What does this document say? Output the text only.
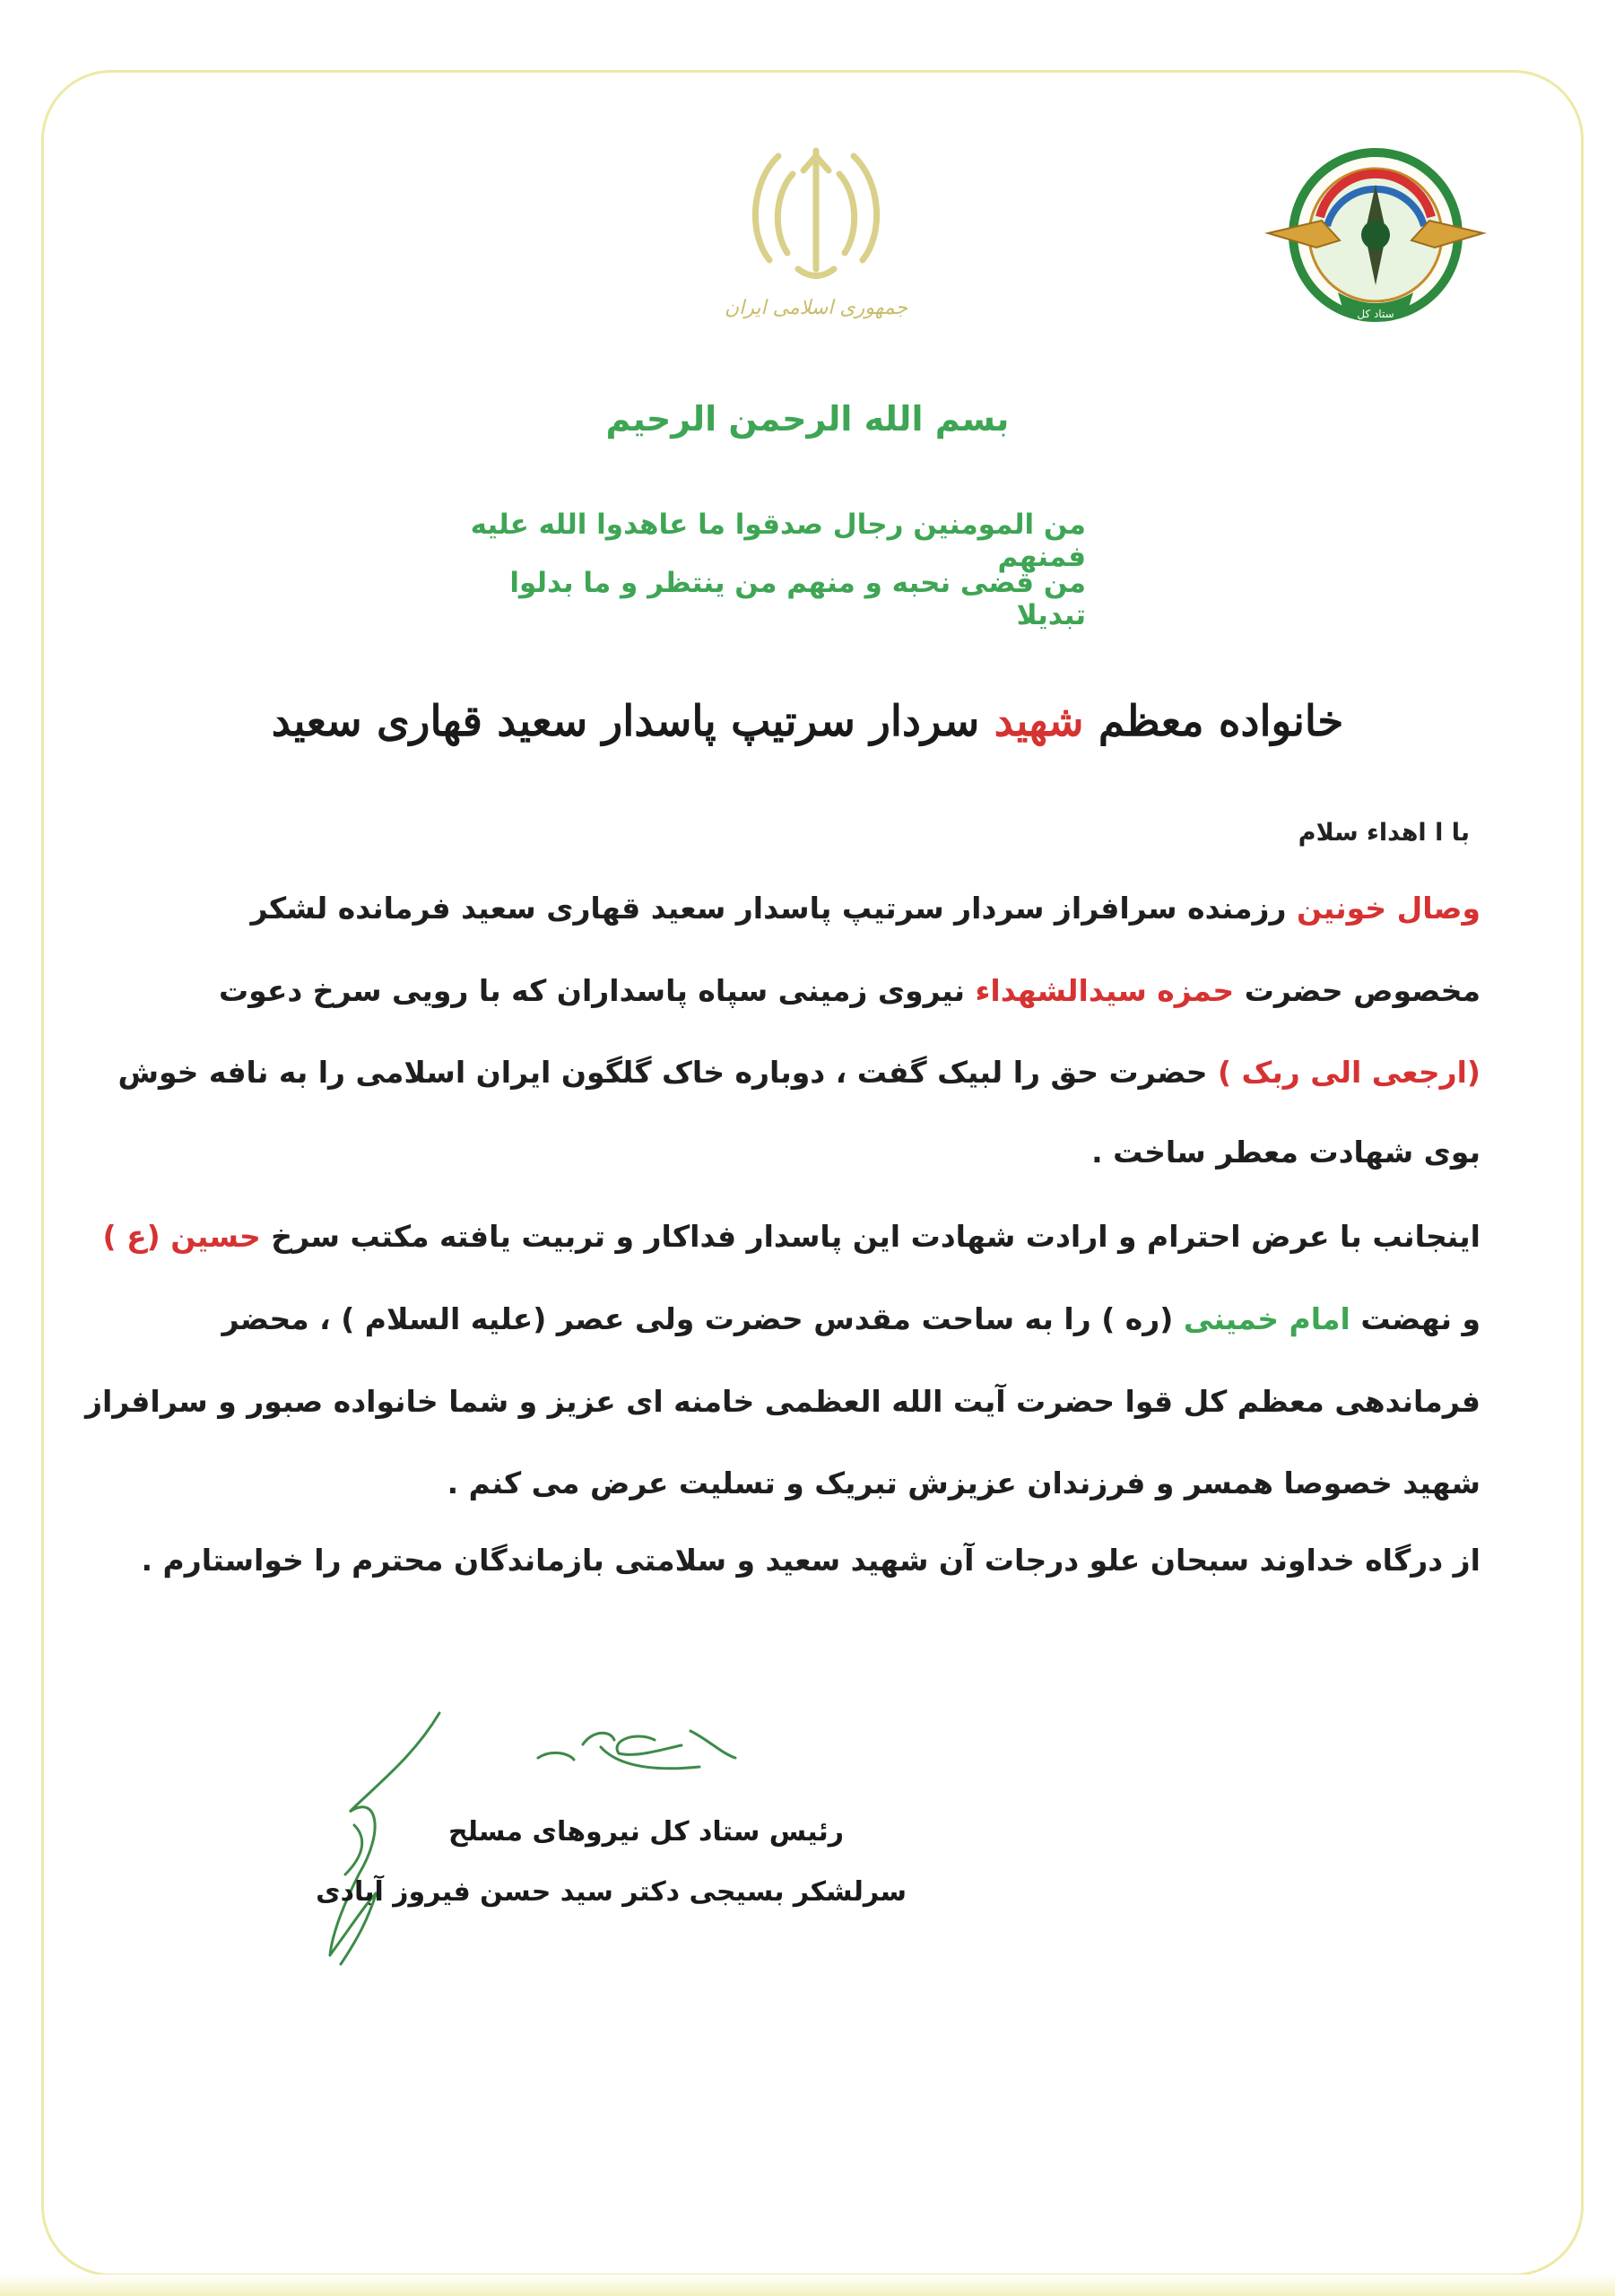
جمهوری اسلامی ایران	ستاد کل
بسم الله الرحمن الرحیم
من المومنین رجال صدقوا ما عاهدوا الله علیه فمنهم
من قضی نحبه و منهم من ینتظر و ما بدلوا تبدیلا
خانواده معظم شهید سردار سرتیپ پاسدار سعید قهاری سعید
با ا اهداء سلام
وصال خونین رزمنده سرافراز سردار سرتیپ پاسدار سعید قهاری سعید فرمانده لشکر
مخصوص حضرت حمزه سیدالشهداء نیروی زمینی سپاه پاسداران که با رویی سرخ دعوت
(ارجعی الی ربک ) حضرت حق را لبیک گفت ، دوباره خاک گلگون ایران اسلامی را به نافه خوش
بوی شهادت معطر ساخت .
اینجانب با عرض احترام و ارادت شهادت این پاسدار فداکار و تربیت یافته مکتب سرخ حسین (ع )
و نهضت امام خمینی (ره ) را به ساحت مقدس حضرت ولی عصر (علیه السلام ) ، محضر
فرماندهی معظم کل قوا حضرت آیت الله العظمی خامنه ای عزیز و شما خانواده صبور و سرافراز
شهید خصوصا همسر و فرزندان عزیزش تبریک و تسلیت عرض می کنم .
از درگاه خداوند سبحان علو درجات آن شهید سعید و سلامتی بازماندگان محترم را خواستارم .
رئیس ستاد کل نیروهای مسلح
سرلشکر بسیجی دکتر سید حسن فیروز آبادی
